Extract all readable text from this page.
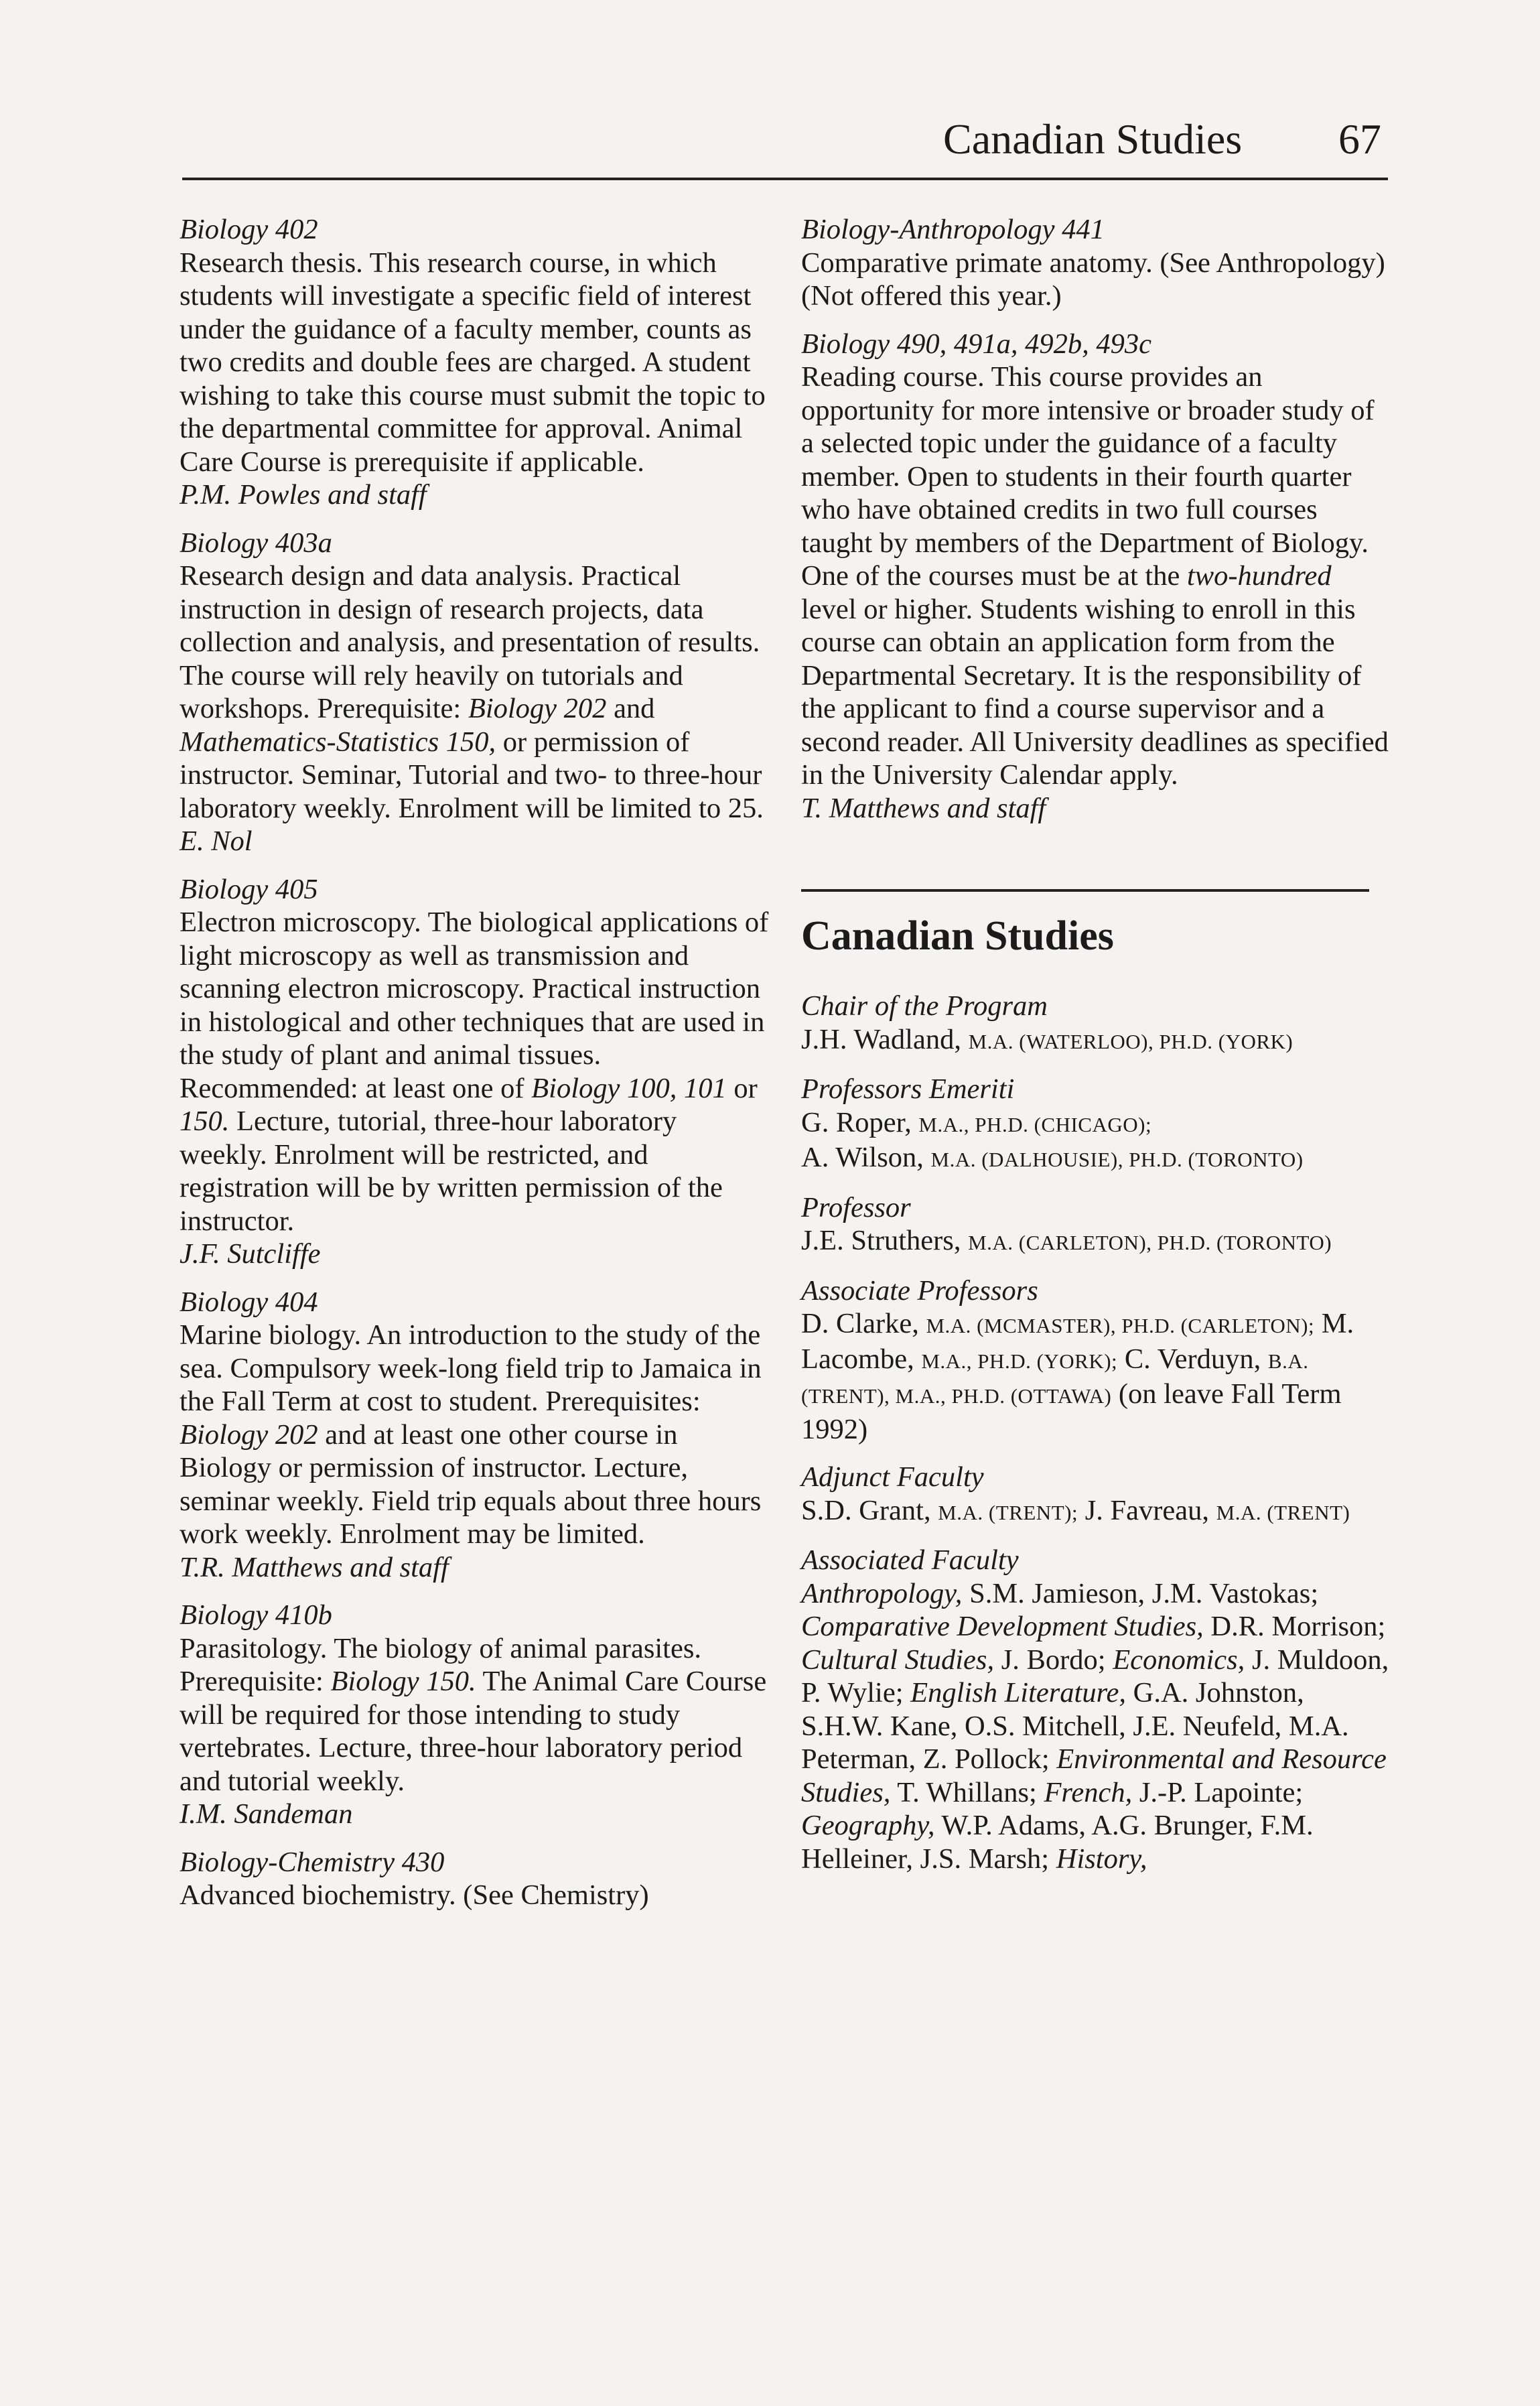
Canadian Studies 67
Biology 402
Research thesis. This research course, in which students will investigate a specific field of interest under the guidance of a faculty member, counts as two credits and double fees are charged. A student wishing to take this course must submit the topic to the departmental committee for approval. Animal Care Course is prerequisite if applicable.
P.M. Powles and staff
Biology 403a
Research design and data analysis. Practical instruction in design of research projects, data collection and analysis, and presentation of results. The course will rely heavily on tutorials and workshops. Prerequisite: Biology 202 and Mathematics-Statistics 150, or permission of instructor. Seminar, Tutorial and two- to three-hour laboratory weekly. Enrolment will be limited to 25.
E. Nol
Biology 405
Electron microscopy. The biological applications of light microscopy as well as transmission and scanning electron microscopy. Practical instruction in histological and other techniques that are used in the study of plant and animal tissues. Recommended: at least one of Biology 100, 101 or 150. Lecture, tutorial, three-hour laboratory weekly. Enrolment will be restricted, and registration will be by written permission of the instructor.
J.F. Sutcliffe
Biology 404
Marine biology. An introduction to the study of the sea. Compulsory week-long field trip to Jamaica in the Fall Term at cost to student. Prerequisites: Biology 202 and at least one other course in Biology or permission of instructor. Lecture, seminar weekly. Field trip equals about three hours work weekly. Enrolment may be limited.
T.R. Matthews and staff
Biology 410b
Parasitology. The biology of animal parasites. Prerequisite: Biology 150. The Animal Care Course will be required for those intending to study vertebrates. Lecture, three-hour laboratory period and tutorial weekly.
I.M. Sandeman
Biology-Chemistry 430
Advanced biochemistry. (See Chemistry)
Biology-Anthropology 441
Comparative primate anatomy. (See Anthropology) (Not offered this year.)
Biology 490, 491a, 492b, 493c
Reading course. This course provides an opportunity for more intensive or broader study of a selected topic under the guidance of a faculty member. Open to students in their fourth quarter who have obtained credits in two full courses taught by members of the Department of Biology. One of the courses must be at the two-hundred level or higher. Students wishing to enroll in this course can obtain an application form from the Departmental Secretary. It is the responsibility of the applicant to find a course supervisor and a second reader. All University deadlines as specified in the University Calendar apply.
T. Matthews and staff
Canadian Studies
Chair of the Program
J.H. Wadland, M.A. (WATERLOO), PH.D. (YORK)
Professors Emeriti
G. Roper, M.A., PH.D. (CHICAGO);
A. Wilson, M.A. (DALHOUSIE), PH.D. (TORONTO)
Professor
J.E. Struthers, M.A. (CARLETON), PH.D. (TORONTO)
Associate Professors
D. Clarke, M.A. (MCMASTER), PH.D. (CARLETON); M. Lacombe, M.A., PH.D. (YORK); C. Verduyn, B.A. (TRENT), M.A., PH.D. (OTTAWA) (on leave Fall Term 1992)
Adjunct Faculty
S.D. Grant, M.A. (TRENT); J. Favreau, M.A. (TRENT)
Associated Faculty
Anthropology, S.M. Jamieson, J.M. Vastokas; Comparative Development Studies, D.R. Morrison; Cultural Studies, J. Bordo; Economics, J. Muldoon, P. Wylie; English Literature, G.A. Johnston, S.H.W. Kane, O.S. Mitchell, J.E. Neufeld, M.A. Peterman, Z. Pollock; Environmental and Resource Studies, T. Whillans; French, J.-P. Lapointe; Geography, W.P. Adams, A.G. Brunger, F.M. Helleiner, J.S. Marsh; History,
